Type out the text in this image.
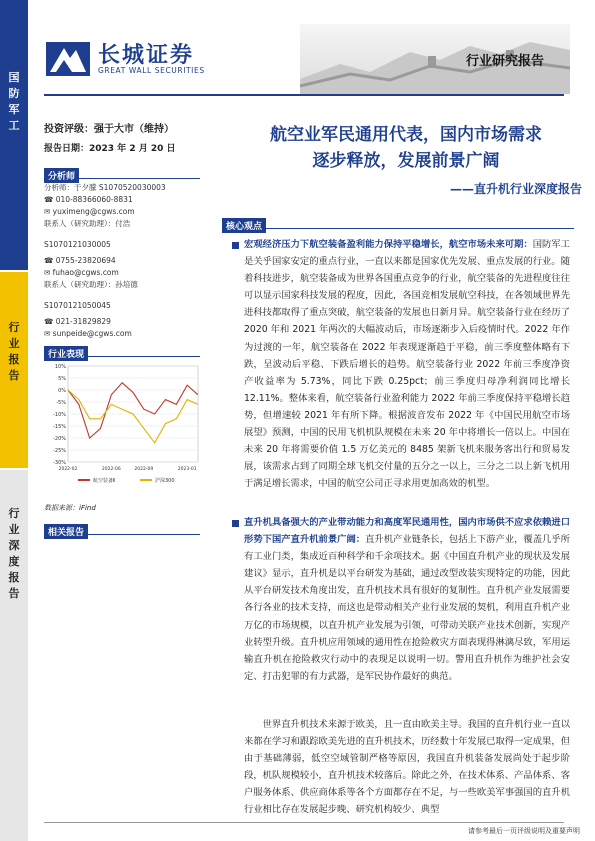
国
防
军
工
行
业
报
告
行
业
深
度
报
告
长城证券
GREAT WALL SECURITIES
行业研究报告
投资评级：强于大市（维持）
报告日期：2023 年 2 月 20 日
分析师
分析师：于夕朦 S1070520030003
☎ 010-88366060-8831
✉ yuximeng@cgws.com
联系人（研究助理）：付浩
S1070121030005
☎ 0755-23820694
✉ fuhao@cgws.com
联系人（研究助理）：孙培德
S1070121050045
☎ 021-31829829
✉ sunpeide@cgws.com
行业表现
10%
5%
0%
-5%
-10%
-15%
-20%
-25%
-30%
2022-02	2022-06	2022-09	2023-01
航空装备Ⅱ	沪深300
数据来源：iFind
相关报告
航空业军民通用代表，国内市场需求
逐步释放，发展前景广阔
——直升机行业深度报告
核心观点
宏观经济压力下航空装备盈利能力保持平稳增长，航空市场未来可期：国防军工是关乎国家安定的重点行业，一直以来都是国家优先发展、重点发展的行业。随着科技进步，航空装备成为世界各国重点竞争的行业，航空装备的先进程度往往可以显示国家科技发展的程度，因此，各国竞相发展航空科技，在各领域世界先进科技都取得了重点突破，航空装备的发展也日新月异。航空装备行业在经历了 2020 年和 2021 年两次的大幅波动后，市场逐渐步入后疫情时代。2022 年作为过渡的一年，航空装备在 2022 年表现逐渐趋于平稳，前三季度整体略有下跌，呈波动后平稳、下跌后增长的趋势。航空装备行业 2022 年前三季度净资产收益率为 5.73%，同比下跌 0.25pct；前三季度归母净利润同比增长 12.11%。整体来看，航空装备行业盈利能力 2022 年前三季度保持平稳增长趋势，但增速较 2021 年有所下降。根据波音发布 2022 年《中国民用航空市场展望》预测，中国的民用飞机机队规模在未来 20 年中将增长一倍以上。中国在未来 20 年将需要价值 1.5 万亿美元的 8485 架新飞机来服务客出行和贸易发展，该需求占到了同期全球飞机交付量的五分之一以上，三分之二以上新飞机用于满足增长需求，中国的航空公司正寻求用更加高效的机型。
直升机具备强大的产业带动能力和高度军民通用性，国内市场供不应求依赖进口形势下国产直升机前景广阔：直升机产业链条长，包括上下游产业，覆盖几乎所有工业门类，集成近百种科学和千余项技术。据《中国直升机产业的现状及发展建议》显示，直升机是以平台研发为基础，通过改型改装实现特定的功能，因此从平台研发技术角度出发，直升机技术具有很好的复制性。直升机产业发展需要各行各业的技术支持，而这也是带动相关产业行业发展的契机，利用直升机产业万亿的市场规模，以直升机产业发展为引领，可带动关联产业技术创新，实现产业转型升级。直升机应用领域的通用性在抢险救灾方面表现得淋漓尽致，军用运输直升机在抢险救灾行动中的表现足以说明一切。警用直升机作为维护社会安定、打击犯罪的有力武器，是军民协作最好的典范。
世界直升机技术来源于欧美，且一直由欧美主导。我国的直升机行业一直以来都在学习和跟踪欧美先进的直升机技术，历经数十年发展已取得一定成果，但由于基础薄弱，低空空域管制严格等原因，我国直升机装备发展尚处于起步阶段，机队规模较小，直升机技术较落后。除此之外，在技术体系、产品体系、客户服务体系、供应商体系等各个方面都存在不足，与一些欧美军事强国的直升机行业相比存在发展起步晚、研究机构较少、典型
请参考最后一页评级说明及重要声明
